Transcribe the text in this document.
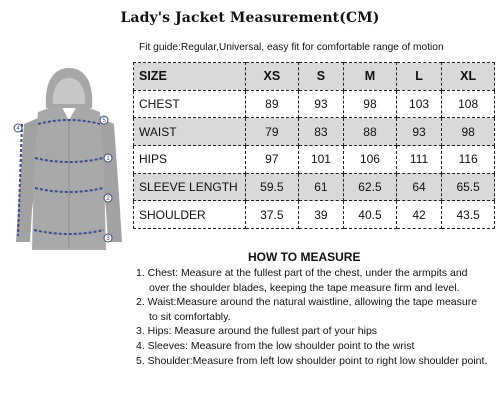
Lady's Jacket Measurement(CM)
Fit guide:Regular,Universal, easy fit for comfortable range of motion
5
4
1
2
3
SIZE	XS	S	M	L	XL
CHEST	89	93	98	103	108
WAIST	79	83	88	93	98
HIPS	97	101	106	111	116
SLEEVE LENGTH	59.5	61	62.5	64	65.5
SHOULDER	37.5	39	40.5	42	43.5
HOW TO MEASURE
1. Chest: Measure at the fullest part of the chest, under the armpits and
over the shoulder blades, keeping the tape measure firm and level.
2. Waist:Measure around the natural waistline, allowing the tape measure
to sit comfortably.
3. Hips: Measure around the fullest part of your hips
4. Sleeves: Measure from the low shoulder point to the wrist
5. Shoulder:Measure from left low shoulder point to right low shoulder point.
